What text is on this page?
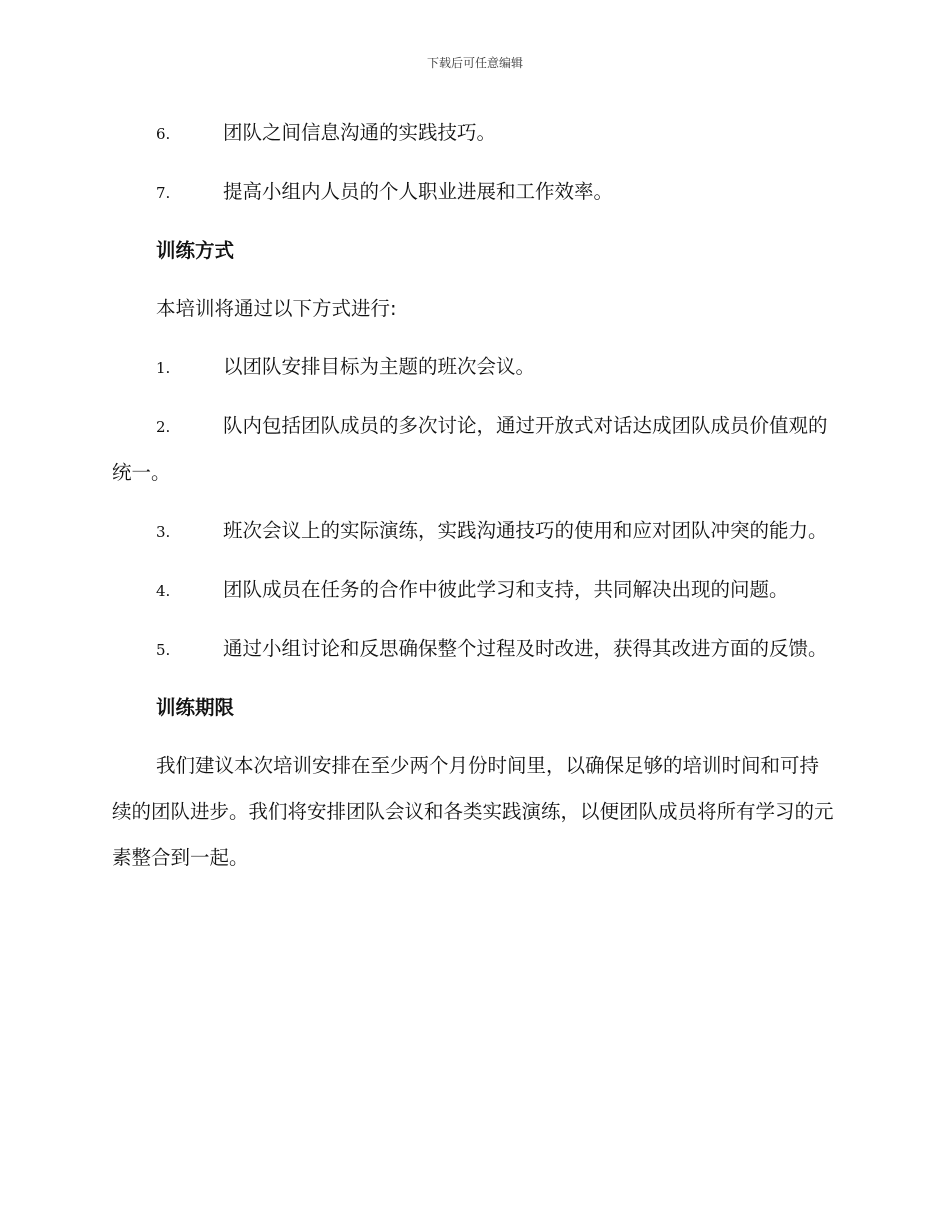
下载后可任意编辑
6.	团队之间信息沟通的实践技巧。
7.	提高小组内人员的个人职业进展和工作效率。
训练方式
本培训将通过以下方式进行:
1.	以团队安排目标为主题的班次会议。
2.	队内包括团队成员的多次讨论，通过开放式对话达成团队成员价值观的统一。
3.	班次会议上的实际演练，实践沟通技巧的使用和应对团队冲突的能力。
4.	团队成员在任务的合作中彼此学习和支持，共同解决出现的问题。
5.	通过小组讨论和反思确保整个过程及时改进，获得其改进方面的反馈。
训练期限
我们建议本次培训安排在至少两个月份时间里，以确保足够的培训时间和可持续的团队进步。我们将安排团队会议和各类实践演练，以便团队成员将所有学习的元素整合到一起。
